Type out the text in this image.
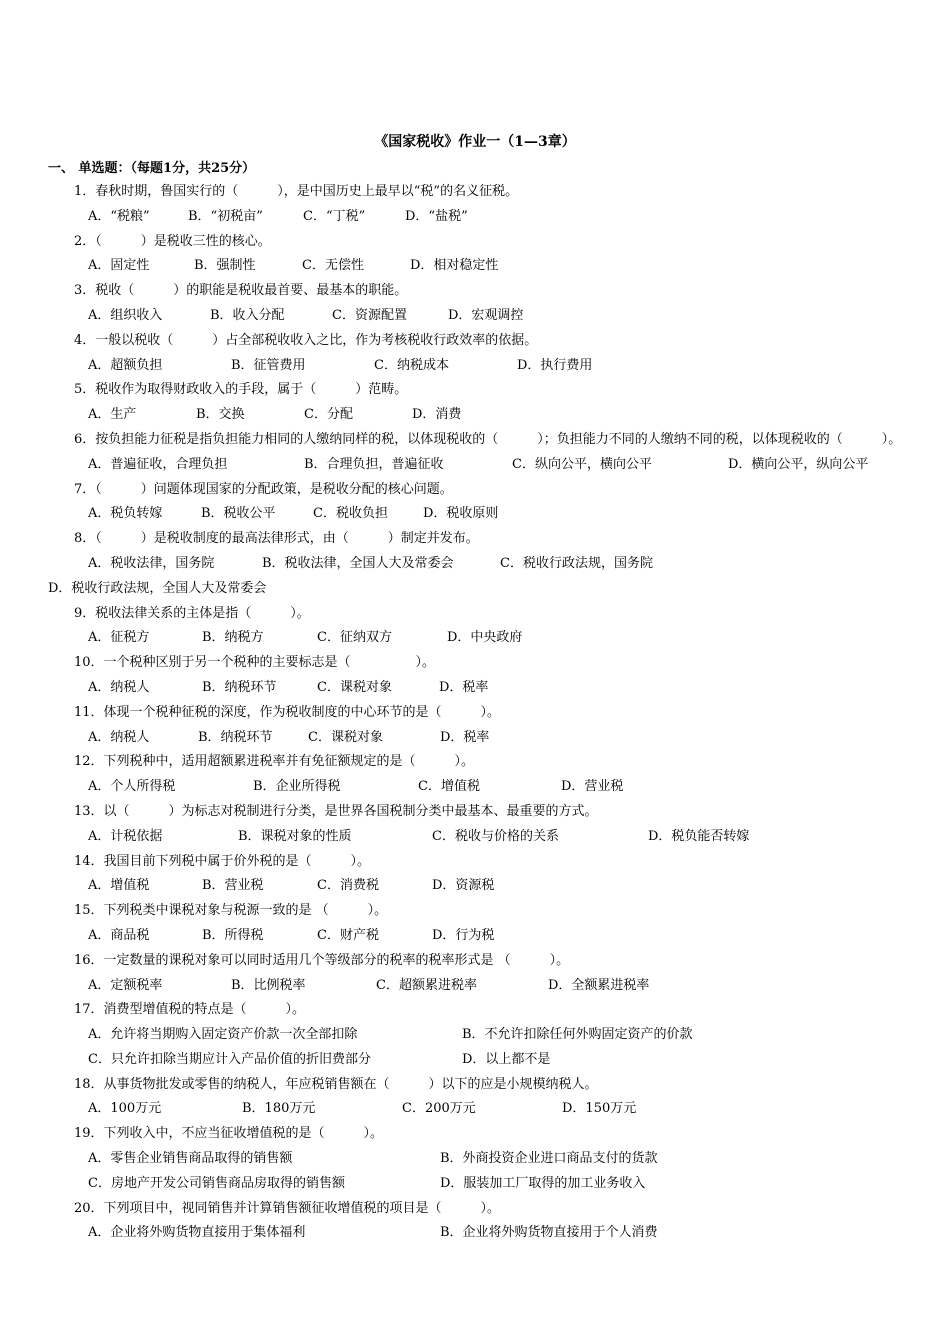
《国家税收》作业一（1—3章）
一、 单选题：（每题1分，共25分）

1．春秋时期，鲁国实行的（　　　），是中国历史上最早以“税”的名义征税。

A．“税粮”	B．“初税亩”	C．“丁税”	D．“盐税”

2．（　　　）是税收三性的核心。

A．固定性	B．强制性	C．无偿性	D．相对稳定性

3．税收（　　　）的职能是税收最首要、最基本的职能。

A．组织收入	B．收入分配	C．资源配置	D．宏观调控

4．一般以税收（　　　）占全部税收收入之比，作为考核税收行政效率的依据。

A．超额负担	B．征管费用	C．纳税成本	D．执行费用

5．税收作为取得财政收入的手段，属于（　　　）范畴。

A．生产	B．交换	C．分配	D．消费

6．按负担能力征税是指负担能力相同的人缴纳同样的税，以体现税收的（　　　）；负担能力不同的人缴纳不同的税，以体现税收的（　　　）。

A．普遍征收，合理负担	B．合理负担，普遍征收	C．纵向公平，横向公平	D．横向公平，纵向公平

7．（　　　）问题体现国家的分配政策，是税收分配的核心问题。

A．税负转嫁	B．税收公平	C．税收负担	D．税收原则

8．（　　　）是税收制度的最高法律形式，由（　　　）制定并发布。

A．税收法律，国务院	B．税收法律，全国人大及常委会	C．税收行政法规，国务院D．税收行政法规，全国人大及常委会

9．税收法律关系的主体是指（　　　）。

A．征税方	B．纳税方	C．征纳双方	D．中央政府

10．一个税种区别于另一个税种的主要标志是（　　　　　）。

A．纳税人	B．纳税环节	C．课税对象	D．税率

11．体现一个税种征税的深度，作为税收制度的中心环节的是（　　　）。

A．纳税人	B．纳税环节	C．课税对象	D．税率

12．下列税种中，适用超额累进税率并有免征额规定的是（　　　）。

A．个人所得税	B．企业所得税	C．增值税	D．营业税

13．以（　　　）为标志对税制进行分类，是世界各国税制分类中最基本、最重要的方式。

A．计税依据	B．课税对象的性质	C．税收与价格的关系	D．税负能否转嫁

14．我国目前下列税中属于价外税的是（　　　）。

A．增值税	B．营业税	C．消费税	D．资源税

15．下列税类中课税对象与税源一致的是 （　　　）。

A．商品税	B．所得税	C．财产税	D．行为税

16．一定数量的课税对象可以同时适用几个等级部分的税率的税率形式是 （　　　）。

A．定额税率	B．比例税率	C．超额累进税率	D．全额累进税率

17．消费型增值税的特点是（　　　）。

A．允许将当期购入固定资产价款一次全部扣除	B．不允许扣除任何外购固定资产的价款

C．只允许扣除当期应计入产品价值的折旧费部分	D．以上都不是

18．从事货物批发或零售的纳税人，年应税销售额在（　　　）以下的应是小规模纳税人。

A．100万元	B．180万元	C．200万元	D．150万元

19．下列收入中，不应当征收增值税的是（　　　）。

A．零售企业销售商品取得的销售额	B．外商投资企业进口商品支付的货款

C．房地产开发公司销售商品房取得的销售额	D．服装加工厂取得的加工业务收入

20．下列项目中，视同销售并计算销售额征收增值税的项目是（　　　）。

A．企业将外购货物直接用于集体福利	B．企业将外购货物直接用于个人消费
